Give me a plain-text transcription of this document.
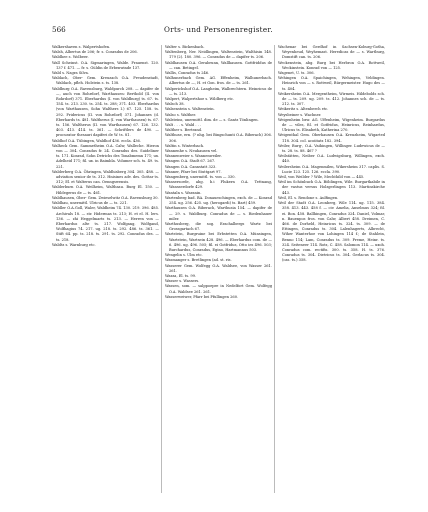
566	Orts- und Personenregister.

Walkershaven s. Walpertshofen.

Walsh, Albertus de 206; fr. s. Conradus de 206.

Waldhee s. Wolbeer.

Wall Scheinst. O.A. Sigmaringen, Walde. Frauenst. 120. 137 f. 471. — fr. s. Güldin de Erbenwinde 137.

Wald s. Nagra Silva.

Waldach, Ober- Gem. Kreuzach O.A. Freudenstadt, Waldach, pfleh. Holstein s. ts. 138.

Waldburg O.A. Ravensburg, Waldpurch 208. — dapifer de —, auch von Rohrdorf, Warthausen: Berthold (II. von Rohrdorf) 371. Eberhardus (I. von Waldburg) ts. 67. ts. 154. ts. 213. 230. ts. 254. ts. 288; 371. 403. Eberhardus (von Warthausen, Sohn Walthers I.) 67. 125. 158. ts. 292. Fridericus (II. von Rohrdorf) 371. Johannes (d. Eberhards ts. 481. Waltherus (I. von Warthausen) ts. 67. ts. 156. Waltherus (II. von Warthausen) 67. 126. 132. 403. 413. 414. ts. 361. — Schriftlers de 490. — procurator thesauri dapiferi de W. ts. 81.

Waldhof O.A. Tübingen, Waldhof 436. eccla. 436.

Walheck Gem. Sammetheim O.A. Calw, Walleche. Hieron von — 304. Conradus fr. 24. Conradus des. Suideliner ts. 171. Konrad, Sohn Detrichs des Tonabmemn 171; ux. Adelheid 171; fil. ux. in Baimbla. Volumer sch. ts. 49. ts. 221.

Walderberg O.A. Öhringen, Waldhisberg 304. 305. 488. — adviation senior de ts. 312. Hnisines adv. des. Gottar ts. 312; El. et Walterus can. Oenngswensis.

Walderburn O.A. Weilheim, Walthsau. Burg El. 150. — Hildegerus de — ts. 461.

Waldhausen, Ober- Gem. Zwieselwitz O.A. Ravensburg 30.

Waldhau, unermittl. Ulricus de — ts. 221.

Waldler O.A.Goll, Waler, Waldheim 74. 130. 219. 396. 485. Archivals 18. — str. Hidermas ts. 213; H. et el. H. lers. 136. — zhi Heggelmarts ts. 213. — Herren von — Eberhardus alte ts. 217. Wolfgang, Wolfgand, Wolfhagius 74. 217. ug. 218. ts. 292. 486. ts. 361. — Stift 64. pp. ts. 218. ts. 291. ts. 292. Conradus des. — ts. 218.

Waldtz s. Warnburg etc.

Walter s. Bickenbach.

Waltenberg, Ner. Neidlingen, Waltenstein, Walthisin 148. 179 (2). 180. 396. — Conradus de — dapifer ts. 206.

Waldhausen O.A. Gerabrunn, Wallhausen. Gottfriddus de — can. Betingel.

Wallis, Conradus ts 246.

Walhunerbach Gem. AG. Effenheim, Walhunerbach. Albertus de —, H. et Gon. fros. de — ts. 261.

Walperichshof O.A. Langheim, Walbrechtern. Heinricus de — ts. 213.

Walpert, Walpertshoe s. Wildberg etc.

Walsch 38.

Walsenstein s. Waltenstein.

Walso s. Walther.

Walsteins, unermittl. dim. de — s. Gantz Tönlingen.

Walt . . . s. Wald . . .

Walther s. Bertrand.

Walthuse, ern. (? nhg. bei Bingschunti O.A. Biberach) 306. 306.

Waltin s. Winterbach.

Wannenhe s. Neuhausen vel.

Wannenweier s. Wannenweiler.

Wangen O.A. Stadt 67. 267.

Wangen O.A. Cannstatt 323.

Wanner, Pfarr bei Stuttgart 97.

Wangenberg, unermittl. ts. von — 330.

Wansersorde, abg. b.i Flukern O.A. Tettnang, Wansserdorfe 429.

Wantaln s. Waranin.

Wartenberg bad. BA. Donaueschingen, exch. de — Konrad 254. ug. 256. 425. ug. (herogardi) ts. Bart) 459.

Warthausen O.A. Biberach, Warthusia 154. — dapifer de — 29. s. Waldburg. Conradus de — s. Riedenhauer miler.

Warthusberg, die sog. Erachalbergs Wartz bei Grossgartach 67.

Wartstein, Burgruine bei Erbstetten O.A. Münsingen, Wartstein, Wartsein 428. 496. — Eberhardus com. de — 6. 496. ug. 496. 505; fil. ei Gotfridus, Otto ies 496. 503; Burchardus, Conradus, Egino, Hartmannus 503.

Wengelin s. Ulm etc.

Wasmanger s. Bretlingen (ad. st. ris.

Wasserer Gem. Wolfegg O.A. Waldsee, von Wasser 261. 261.

Wazza, El. ts. 99.

Wasser s. Wassers.

Wassen, som. — salppoepre in Nedelfort Gem. Wolfegg O.A. Waldsee 261. 261.

Wasserweiwer, Pfarr bei Pfullingen 260.

Wachenar bei Gerdhof in Sachsen-Koburg-Gotha, Weyenheud, Weyhemast. Heredicas de — s. Wartburg, Domstift can. ts. 206.

Weckenstein, abg. Burg bei Herbron O.A. Rottweil, Weckinstein. Konrad von — 125.

Wagenet, U. ts. 306.

Wehingen O.A. Spaichingen, Wehingen, Veldingen. Heinrich von — s. Rottweil, Bürgermeister. Hugo des — ts. 404.

Weikersheim O.A. Mergentheim, Wirmeis. Hildebolds sch. de — ts. 209. ug. 209. ts. 412. Johannes sch. de — ts. 212. ts. 307.

Weikeritz s. Altenberch etc.

Weysbeiner s. Wachner.

Weigenheim bzw. AG. Uffenheim, Wigenheim. Burgardus de — viles, fil. et Gotfridus, Heinricus, Reinhardus, Ulricus ts. Elisabeth, Katherina 270.

Weigenthal Gem. Oberhausen O.A. Kreuzheim, Wigarted 118. 304. col. acoiitatz 182. 394.

Weiler, Burg-, O.A. Vaihingen, Willinger. Ludewicus de — ts. 28. ts. 88. 467 ?

Weilstätten, Neiber O.A. Ludwigsburg, Willingen, exch. 440.

Weilersheim O.A. Magenmilen, Wikersheim 317. caplis. S. Lucie 123. 125. 126. eccla. 390.

Weil, von Weilder ? Wile, Mechthild von — 445.

Weil im Schönbuch O.A. Böblingen, Wile. Burgartkabile in der vastus versus Holzgerlingen 113. Martinskirche 443.

Weil, El. s. Rendone s. Aulfingen.

Weil der Stadt O.A. Leonberg, Wile 114. ug. 115. 384. 358. 413. 443. 458 f. — civ. Amelia, Anselmus 324; fil. ei. Bon. 458. Ballhingen, Conradus 324. Daniel, Volmar, n. Bauenpos fros. von Calw, Albert 458. Dreimen, C. 466. de Dorheld, Heinricus ts. 324. ts. 309. — de Ettingen, Conradus ts. 304. Lalenhagerts, Albrecht, Wiher Wanterhoe von Lohingen 114 f.; de Stahlein, Benno 114; Lam, Conradus ts. 309. Preme, Heinr. ts. 324. Seiteneer 114. Rotz, C. 458. Salomon 114. — uxoh. Conradus com. rectifis. 300. ts. 358. H. ts. 376. Conradus ts. 304. Dietricus ts. 304. Gerlacus ts. 304. (cas. ts.) 358.
